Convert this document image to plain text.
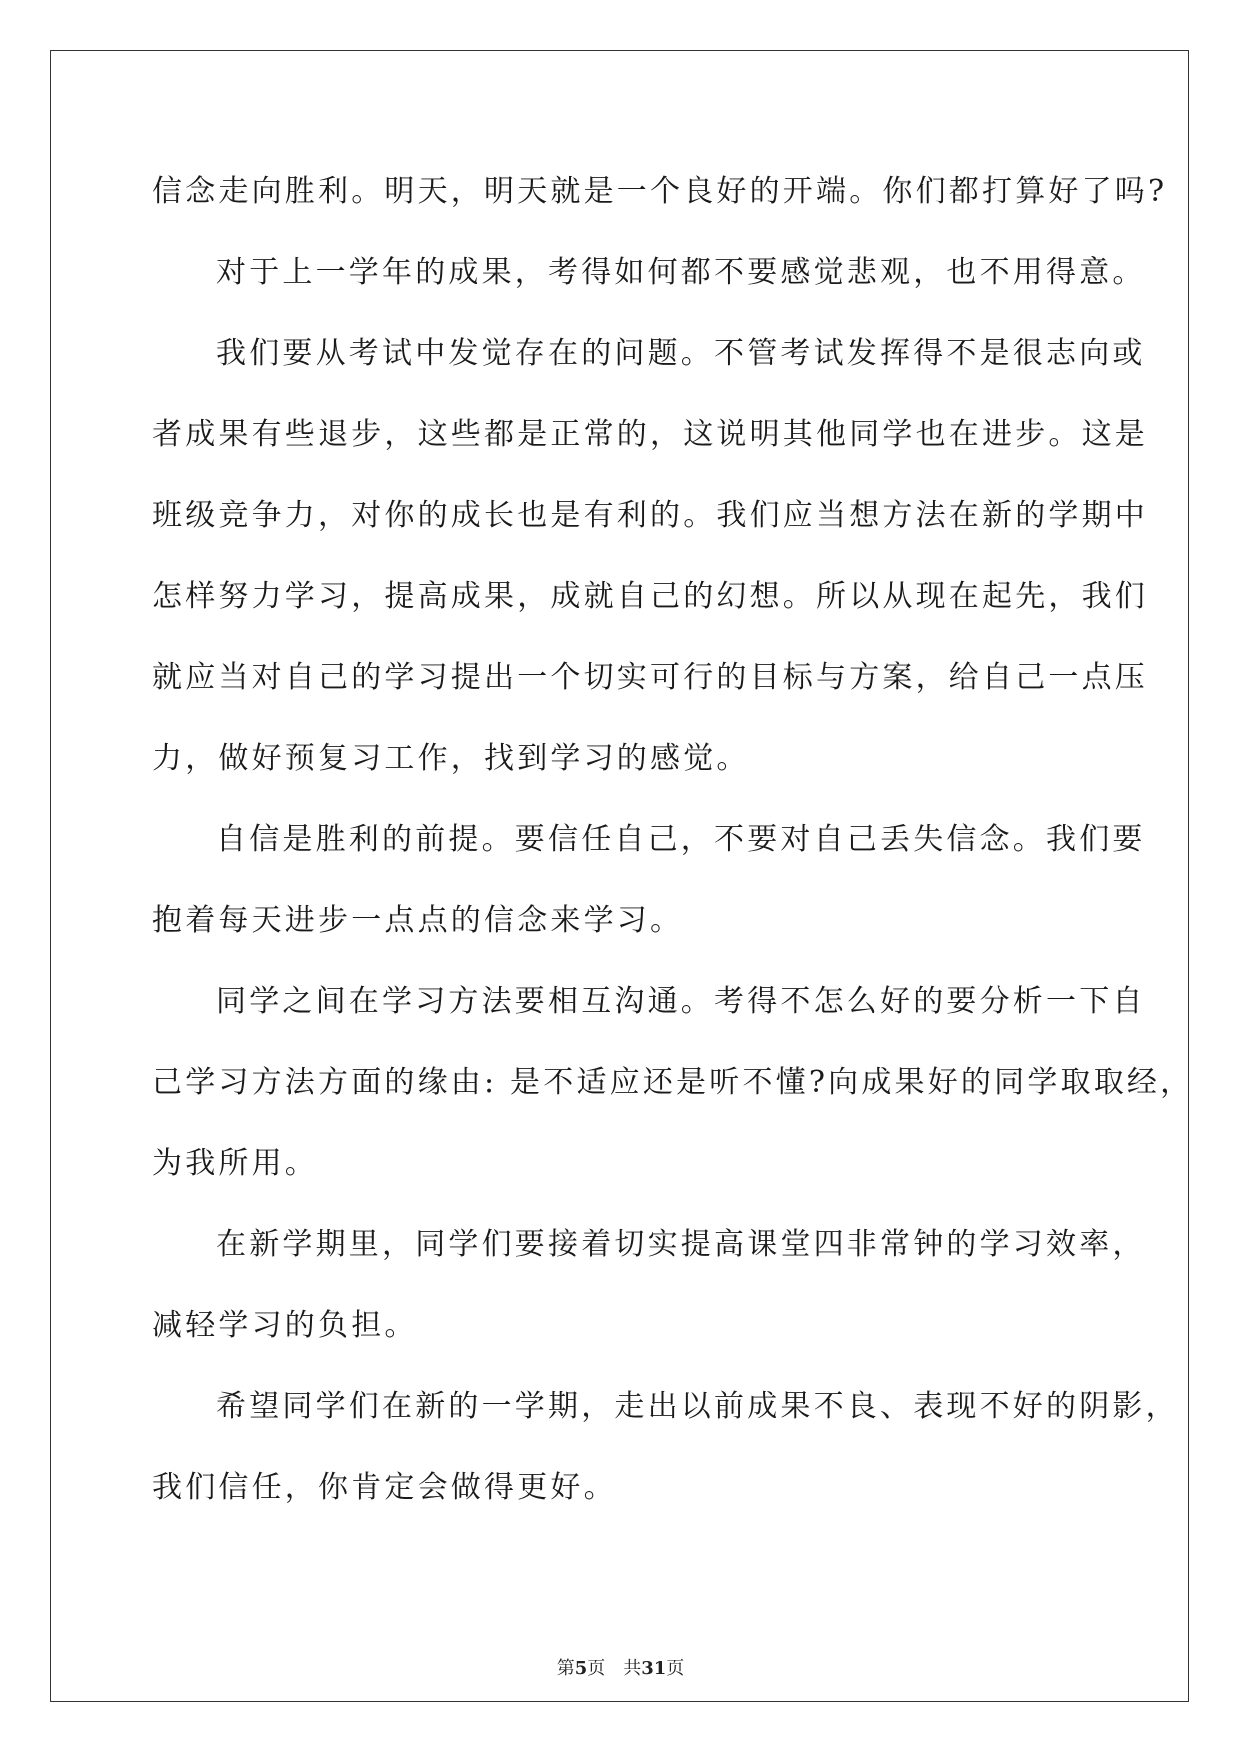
信念走向胜利。明天，明天就是一个良好的开端。你们都打算好了吗?
对于上一学年的成果，考得如何都不要感觉悲观，也不用得意。
我们要从考试中发觉存在的问题。不管考试发挥得不是很志向或
者成果有些退步，这些都是正常的，这说明其他同学也在进步。这是
班级竞争力，对你的成长也是有利的。我们应当想方法在新的学期中
怎样努力学习，提高成果，成就自己的幻想。所以从现在起先，我们
就应当对自己的学习提出一个切实可行的目标与方案，给自己一点压
力，做好预复习工作，找到学习的感觉。
自信是胜利的前提。要信任自己，不要对自己丢失信念。我们要
抱着每天进步一点点的信念来学习。
同学之间在学习方法要相互沟通。考得不怎么好的要分析一下自
己学习方法方面的缘由: 是不适应还是听不懂?向成果好的同学取取经，
为我所用。
在新学期里，同学们要接着切实提高课堂四非常钟的学习效率，
减轻学习的负担。
希望同学们在新的一学期，走出以前成果不良、表现不好的阴影，
我们信任，你肯定会做得更好。
第5页 共31页
